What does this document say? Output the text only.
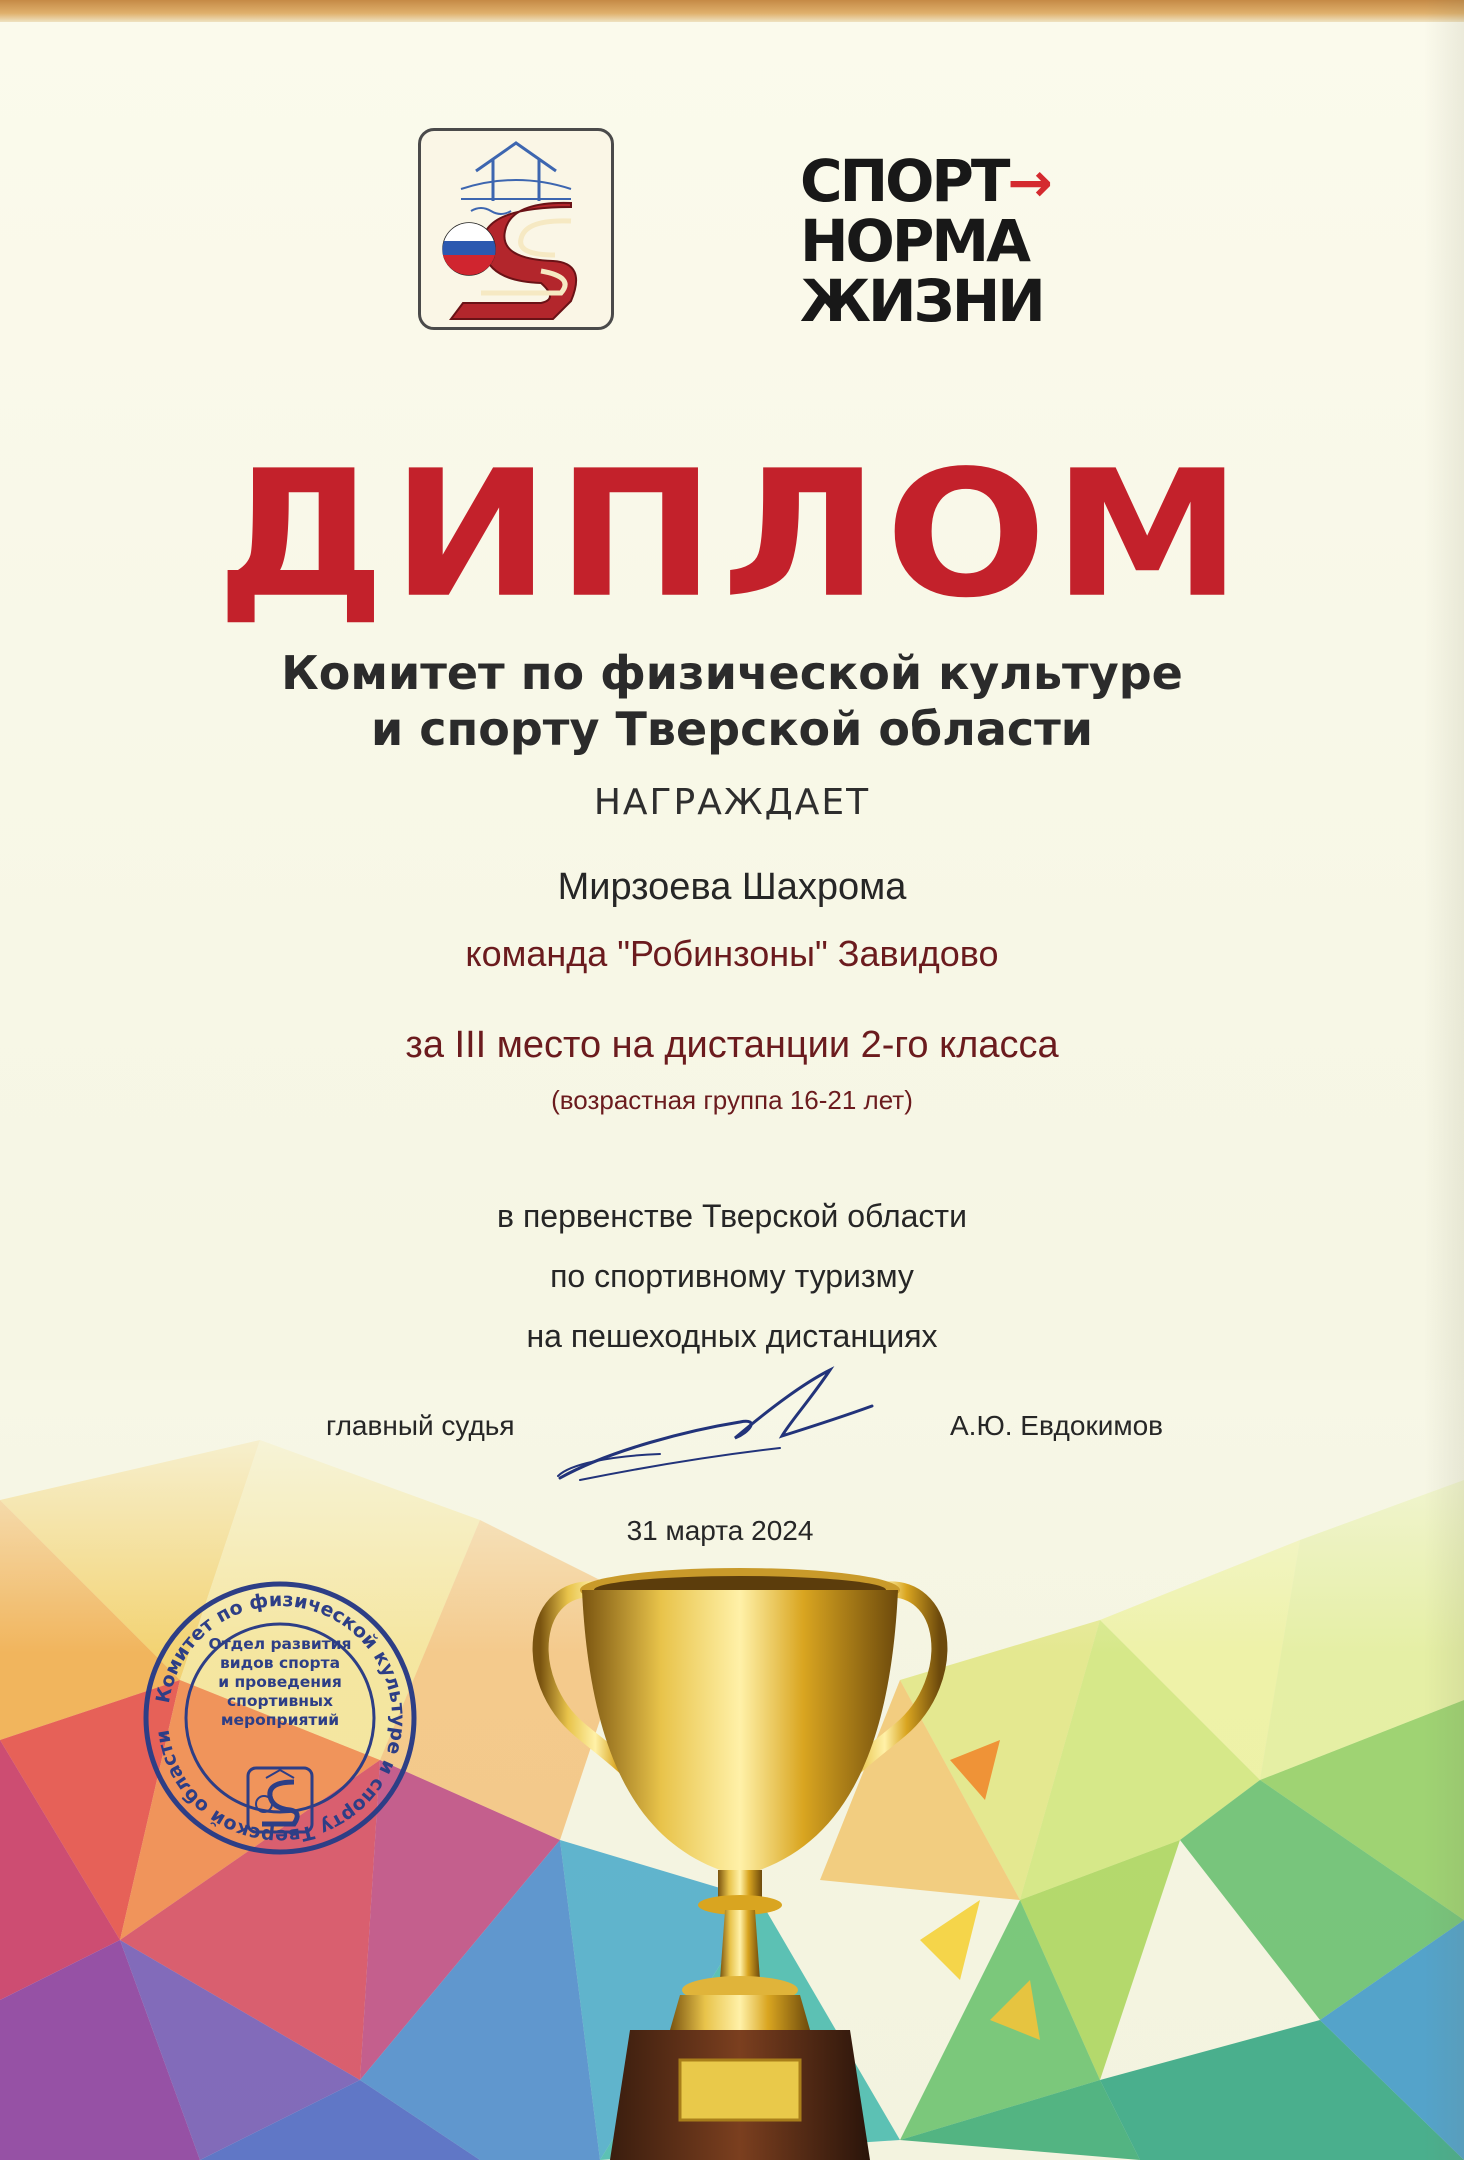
СПОРТ→
НОРМА
ЖИЗНИ
ДИПЛОМ
Комитет по физической культуре
и спорту Тверской области
НАГРАЖДАЕТ
Мирзоева Шахрома
команда "Робинзоны" Завидово
за III место на дистанции 2-го класса
(возрастная группа 16-21 лет)
в первенстве Тверской области
по спортивному туризму
на пешеходных дистанциях
главный судья	А.Ю. Евдокимов
31 марта 2024
Комитет по физической культуре и спорту Тверской области
Отдел развития
видов спорта
и проведения
спортивных
мероприятий
